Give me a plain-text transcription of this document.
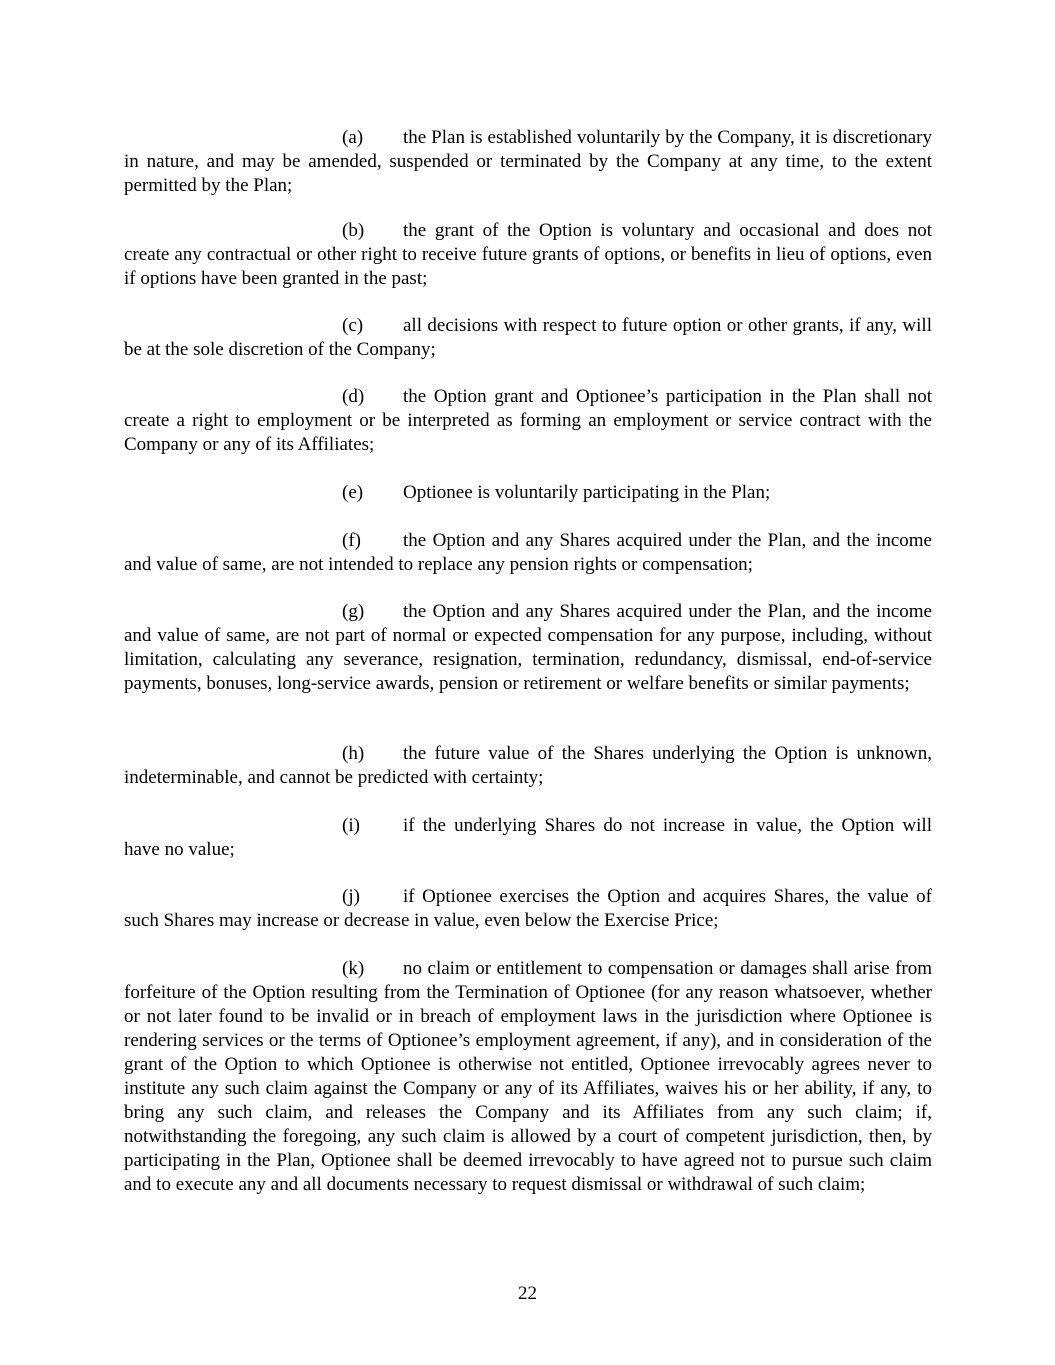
(a) the Plan is established voluntarily by the Company, it is discretionary in nature, and may be amended, suspended or terminated by the Company at any time, to the extent permitted by the Plan;

(b) the grant of the Option is voluntary and occasional and does not create any contractual or other right to receive future grants of options, or benefits in lieu of options, even if options have been granted in the past;

(c) all decisions with respect to future option or other grants, if any, will be at the sole discretion of the Company;

(d) the Option grant and Optionee’s participation in the Plan shall not create a right to employment or be interpreted as forming an employment or service contract with the Company or any of its Affiliates;

(e) Optionee is voluntarily participating in the Plan;

(f) the Option and any Shares acquired under the Plan, and the income and value of same, are not intended to replace any pension rights or compensation;

(g) the Option and any Shares acquired under the Plan, and the income and value of same, are not part of normal or expected compensation for any purpose, including, without limitation, calculating any severance, resignation, termination, redundancy, dismissal, end-of-service payments, bonuses, long-service awards, pension or retirement or welfare benefits or similar payments;

(h) the future value of the Shares underlying the Option is unknown, indeterminable, and cannot be predicted with certainty;

(i) if the underlying Shares do not increase in value, the Option will have no value;

(j) if Optionee exercises the Option and acquires Shares, the value of such Shares may increase or decrease in value, even below the Exercise Price;

(k) no claim or entitlement to compensation or damages shall arise from forfeiture of the Option resulting from the Termination of Optionee (for any reason whatsoever, whether or not later found to be invalid or in breach of employment laws in the jurisdiction where Optionee is rendering services or the terms of Optionee’s employment agreement, if any), and in consideration of the grant of the Option to which Optionee is otherwise not entitled, Optionee irrevocably agrees never to institute any such claim against the Company or any of its Affiliates, waives his or her ability, if any, to bring any such claim, and releases the Company and its Affiliates from any such claim; if, notwithstanding the foregoing, any such claim is allowed by a court of competent jurisdiction, then, by participating in the Plan, Optionee shall be deemed irrevocably to have agreed not to pursue such claim and to execute any and all documents necessary to request dismissal or withdrawal of such claim;

22
